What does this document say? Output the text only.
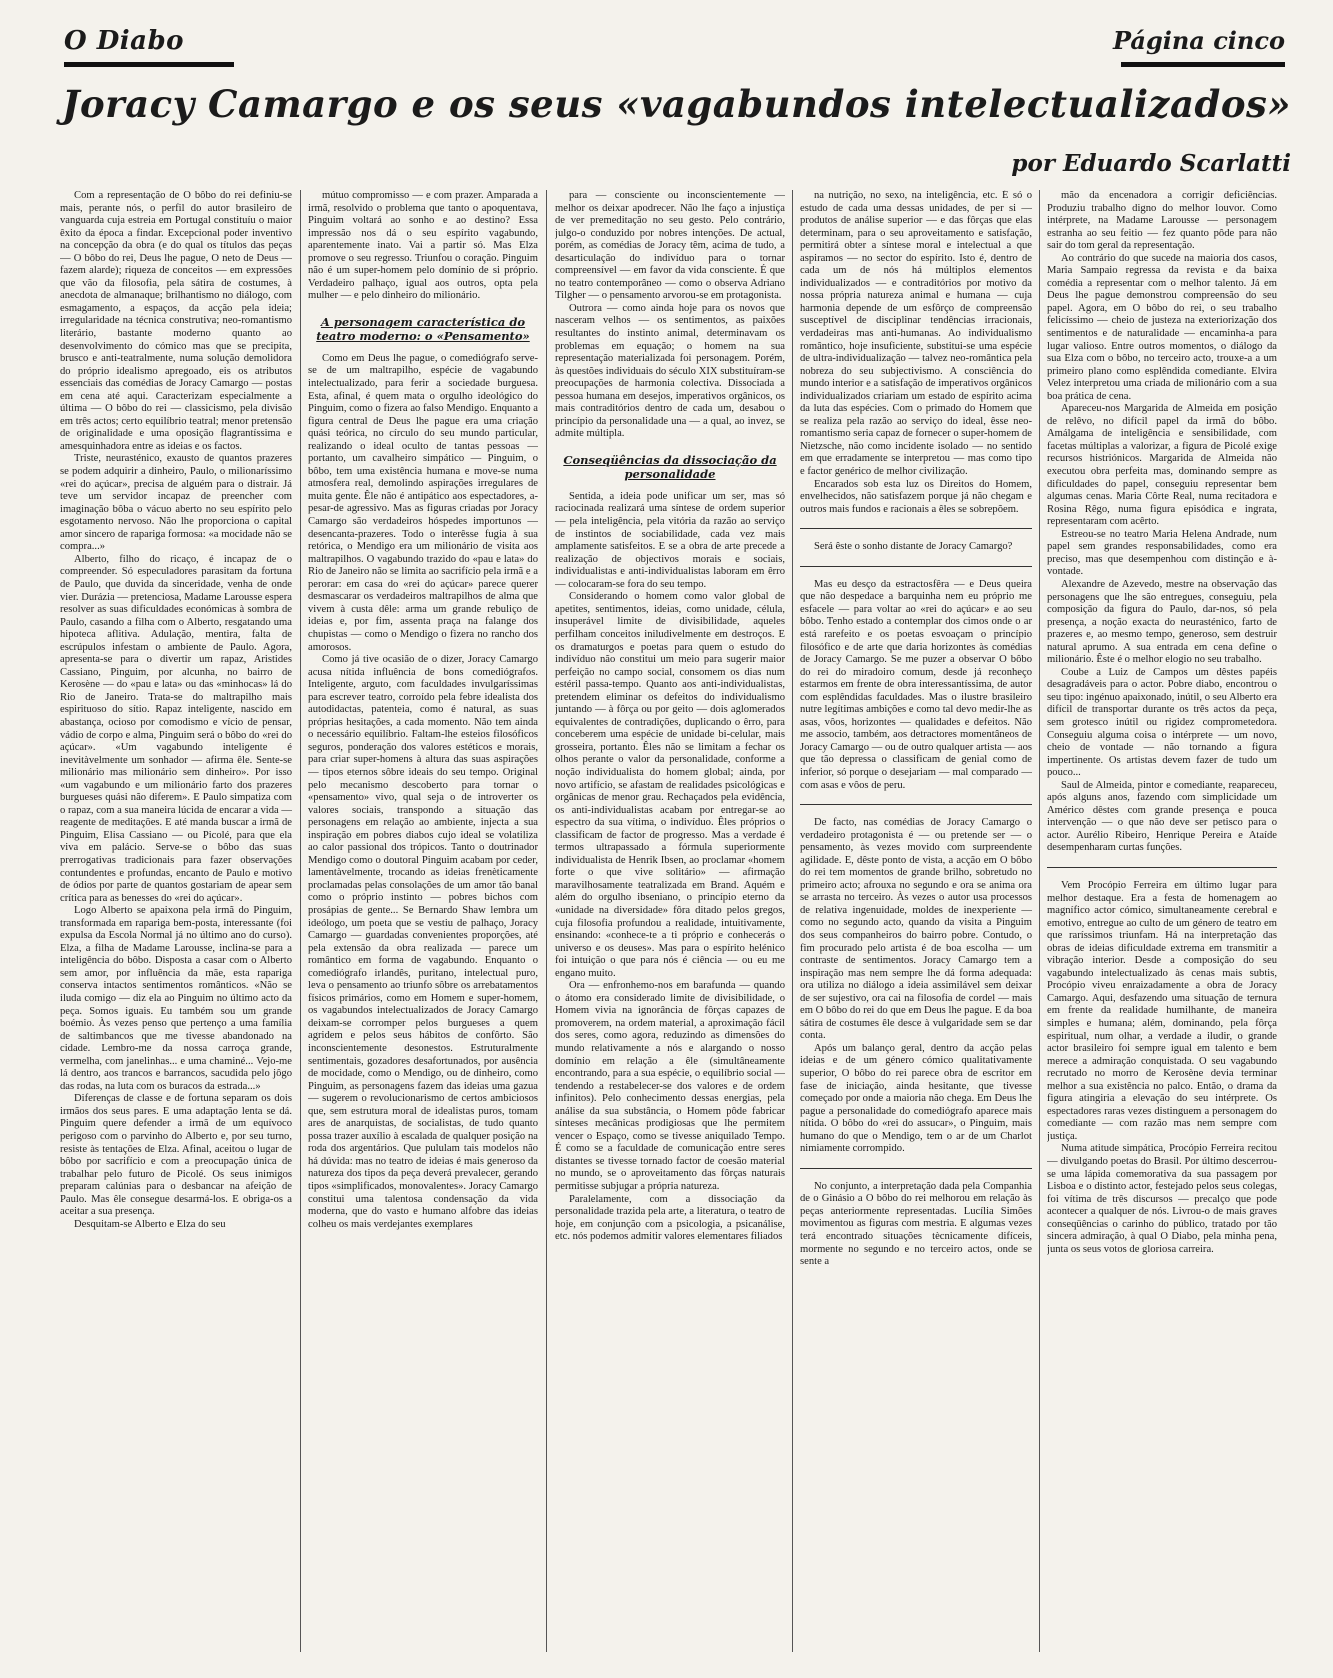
O Diabo	Página cinco
Joracy Camargo e os seus «vagabundos intelectualizados»
por Eduardo Scarlatti

Com a representação de O bôbo do rei definiu-se mais, perante nós, o perfil do autor brasileiro de vanguarda cuja estreia em Portugal constituíu o maior êxito da época a findar. Excepcional poder inventivo na concepção da obra (e do qual os títulos das peças — O bôbo do rei, Deus lhe pague, O neto de Deus — fazem alarde); riqueza de conceitos — em expressões que vão da filosofia, pela sátira de costumes, à anecdota de almanaque; brilhantismo no diálogo, com esmagamento, a espaços, da acção pela ideia; irregularidade na técnica construtiva; neo-romantismo literário, bastante moderno quanto ao desenvolvimento do cómico mas que se precipita, brusco e anti-teatralmente, numa solução demolidora do próprio idealismo apregoado, eis os atributos essenciais das comédias de Joracy Camargo — postas em cena até aqui. Caracterizam especialmente a última — O bôbo do rei — classicismo, pela divisão em três actos; certo equilíbrio teatral; menor pretensão de originalidade e uma oposição flagrantíssima e amesquinhadora entre as ideias e os factos.

Triste, neurasténico, exausto de quantos prazeres se podem adquirir a dinheiro, Paulo, o milionaríssimo «rei do açúcar», precisa de alguém para o distrair. Já teve um servidor incapaz de preencher com imaginação bôba o vácuo aberto no seu espírito pelo esgotamento nervoso. Não lhe proporciona o capital amor sincero de rapariga formosa: «a mocidade não se compra...»

Alberto, filho do ricaço, é incapaz de o compreender. Só especuladores parasitam da fortuna de Paulo, que duvida da sinceridade, venha de onde vier. Durázia — pretenciosa, Madame Larousse espera resolver as suas dificuldades económicas à sombra de Paulo, casando a filha com o Alberto, resgatando uma hipoteca aflitiva. Adulação, mentira, falta de escrúpulos infestam o ambiente de Paulo. Agora, apresenta-se para o divertir um rapaz, Aristides Cassiano, Pinguim, por alcunha, no bairro de Kerosène — do «pau e lata» ou das «minhocas» lá do Rio de Janeiro. Trata-se do maltrapilho mais espirituoso do sítio. Rapaz inteligente, nascido em abastança, ocioso por comodismo e vício de pensar, vádio de corpo e alma, Pinguim será o bôbo do «rei do açúcar». «Um vagabundo inteligente é inevitàvelmente um sonhador — afirma êle. Sente-se milionário mas milionário sem dinheiro». Por isso «um vagabundo e um milionário farto dos prazeres burgueses quási não diferem». E Paulo simpatiza com o rapaz, com a sua maneira lúcida de encarar a vida — reagente de meditações. E até manda buscar a irmã de Pinguim, Elisa Cassiano — ou Picolé, para que ela viva em palácio. Serve-se o bôbo das suas prerrogativas tradicionais para fazer observações contundentes e profundas, encanto de Paulo e motivo de ódios por parte de quantos gostariam de apear sem crítica para as benesses do «rei do açúcar».

Logo Alberto se apaixona pela irmã do Pinguim, transformada em rapariga bem-posta, interessante (foi expulsa da Escola Normal já no último ano do curso). Elza, a filha de Madame Larousse, inclina-se para a inteligência do bôbo. Disposta a casar com o Alberto sem amor, por influência da mãe, esta rapariga conserva intactos sentimentos românticos. «Não se iluda comigo — diz ela ao Pinguim no último acto da peça. Somos iguais. Eu também sou um grande boémio. Às vezes penso que pertenço a uma família de saltimbancos que me tivesse abandonado na cidade. Lembro-me da nossa carroça grande, vermelha, com janelinhas... e uma chaminé... Vejo-me lá dentro, aos trancos e barrancos, sacudida pelo jôgo das rodas, na luta com os buracos da estrada...»

Diferenças de classe e de fortuna separam os dois irmãos dos seus pares. E uma adaptação lenta se dá. Pinguim quere defender a irmã de um equívoco perigoso com o parvinho do Alberto e, por seu turno, resiste às tentações de Elza. Afinal, aceitou o lugar de bôbo por sacrifício e com a preocupação única de trabalhar pelo futuro de Picolé. Os seus inimigos preparam calúnias para o desbancar na afeição de Paulo. Mas êle consegue desarmá-los. E obriga-os a aceitar a sua presença.

Desquitam-se Alberto e Elza do seu

mútuo compromisso — e com prazer. Amparada a irmã, resolvido o problema que tanto o apoquentava, Pinguim voltará ao sonho e ao destino? Essa impressão nos dá o seu espírito vagabundo, aparentemente inato. Vai a partir só. Mas Elza promove o seu regresso. Triunfou o coração. Pinguim não é um super-homem pelo domínio de si próprio. Verdadeiro palhaço, igual aos outros, opta pela mulher — e pelo dinheiro do milionário.

A personagem característica do teatro moderno: o «Pensamento»

Como em Deus lhe pague, o comediógrafo serve-se de um maltrapilho, espécie de vagabundo intelectualizado, para ferir a sociedade burguesa. Esta, afinal, é quem mata o orgulho ideológico do Pinguim, como o fizera ao falso Mendigo. Enquanto a figura central de Deus lhe pague era uma criação quási teórica, no círculo do seu mundo particular, realizando o ideal oculto de tantas pessoas — portanto, um cavalheiro simpático — Pinguim, o bôbo, tem uma existência humana e move-se numa atmosfera real, demolindo aspirações irregulares de muita gente. Êle não é antipático aos espectadores, a-pesar-de agressivo. Mas as figuras criadas por Joracy Camargo são verdadeiros hóspedes importunos — desencanta-prazeres. Todo o interêsse fugia à sua retórica, o Mendigo era um milionário de visita aos maltrapilhos. O vagabundo trazido do «pau e lata» do Rio de Janeiro não se limita ao sacrifício pela irmã e a perorar: em casa do «rei do açúcar» parece querer desmascarar os verdadeiros maltrapilhos de alma que vivem à custa dêle: arma um grande rebuliço de ideias e, por fim, assenta praça na falange dos chupistas — como o Mendigo o fizera no rancho dos amorosos.

Como já tive ocasião de o dizer, Joracy Camargo acusa nítida influência de bons comediógrafos. Inteligente, arguto, com faculdades invulgaríssimas para escrever teatro, corroído pela febre idealista dos autodidactas, patenteia, como é natural, as suas próprias hesitações, a cada momento. Não tem ainda o necessário equilíbrio. Faltam-lhe esteios filosóficos seguros, ponderação dos valores estéticos e morais, para criar super-homens à altura das suas aspirações — tipos eternos sôbre ideais do seu tempo. Original pelo mecanismo descoberto para tornar o «pensamento» vivo, qual seja o de introverter os valores sociais, transpondo a situação das personagens em relação ao ambiente, injecta a sua inspiração em pobres diabos cujo ideal se volatiliza ao calor passional dos trópicos. Tanto o doutrinador Mendigo como o doutoral Pinguim acabam por ceder, lamentàvelmente, trocando as ideias frenèticamente proclamadas pelas consolações de um amor tão banal como o próprio instinto — pobres bichos com prosápias de gente... Se Bernardo Shaw lembra um ideólogo, um poeta que se vestiu de palhaço, Joracy Camargo — guardadas convenientes proporções, até pela extensão da obra realizada — parece um romântico em forma de vagabundo. Enquanto o comediógrafo irlandês, puritano, intelectual puro, leva o pensamento ao triunfo sôbre os arrebatamentos físicos primários, como em Homem e super-homem, os vagabundos intelectualizados de Joracy Camargo deixam-se corromper pelos burgueses a quem agridem e pelos seus hábitos de confôrto. São inconscientemente desonestos. Estruturalmente sentimentais, gozadores desafortunados, por ausência de mocidade, como o Mendigo, ou de dinheiro, como Pinguim, as personagens fazem das ideias uma gazua — sugerem o revolucionarismo de certos ambiciosos que, sem estrutura moral de idealistas puros, tomam ares de anarquistas, de socialistas, de tudo quanto possa trazer auxílio à escalada de qualquer posição na roda dos argentários. Que pululam tais modelos não há dúvida: mas no teatro de ideias é mais generoso da natureza dos tipos da peça deverá prevalecer, gerando tipos «simplificados, monovalentes». Joracy Camargo constitui uma talentosa condensação da vida moderna, que do vasto e humano alfobre das ideias colheu os mais verdejantes exemplares

para — consciente ou inconscientemente — melhor os deixar apodrecer. Não lhe faço a injustiça de ver premeditação no seu gesto. Pelo contrário, julgo-o conduzido por nobres intenções. De actual, porém, as comédias de Joracy têm, acima de tudo, a desarticulação do indivíduo para o tornar compreensível — em favor da vida consciente. É que no teatro contemporâneo — como o observa Adriano Tilgher — o pensamento arvorou-se em protagonista.

Outrora — como ainda hoje para os novos que nasceram velhos — os sentimentos, as paixões resultantes do instinto animal, determinavam os problemas em equação; o homem na sua representação materializada foi personagem. Porém, às questões individuais do século XIX substituíram-se preocupações de harmonia colectiva. Dissociada a pessoa humana em desejos, imperativos orgânicos, os mais contraditórios dentro de cada um, desabou o princípio da personalidade una — a qual, ao invez, se admite múltipla.

Conseqüências da dissociação da personalidade

Sentida, a ideia pode unificar um ser, mas só raciocinada realizará uma síntese de ordem superior — pela inteligência, pela vitória da razão ao serviço de instintos de sociabilidade, cada vez mais amplamente satisfeitos. E se a obra de arte precede a realização de objectivos morais e sociais, individualistas e anti-individualistas laboram em êrro — colocaram-se fora do seu tempo.

Considerando o homem como valor global de apetites, sentimentos, ideias, como unidade, célula, insuperável limite de divisibilidade, aqueles perfilham conceitos iniludivelmente em destroços. E os dramaturgos e poetas para quem o estudo do indivíduo não constitui um meio para sugerir maior perfeição no campo social, consomem os dias num estéril passa-tempo. Quanto aos anti-individualistas, pretendem eliminar os defeitos do individualismo juntando — à fôrça ou por geito — dois aglomerados equivalentes de contradições, duplicando o êrro, para conceberem uma espécie de unidade bi-celular, mais grosseira, portanto. Êles não se limitam a fechar os olhos perante o valor da personalidade, conforme a noção individualista do homem global; ainda, por novo artifício, se afastam de realidades psicológicas e orgânicas de menor grau. Rechaçados pela evidência, os anti-individualistas acabam por entregar-se ao espectro da sua vítima, o indivíduo. Êles próprios o classificam de factor de progresso. Mas a verdade é termos ultrapassado a fórmula superiormente individualista de Henrik Ibsen, ao proclamar «homem forte o que vive solitário» — afirmação maravilhosamente teatralizada em Brand. Aquém e além do orgulho ibseniano, o princípio eterno da «unidade na diversidade» fôra ditado pelos gregos, cuja filosofia profundou a realidade, intuitivamente, ensinando: «conhece-te a ti próprio e conhecerás o universo e os deuses». Mas para o espírito helénico foi intuição o que para nós é ciência — ou eu me engano muito.

Ora — enfronhemo-nos em barafunda — quando o átomo era considerado limite de divisibilidade, o Homem vivia na ignorância de fôrças capazes de promoverem, na ordem material, a aproximação fácil dos seres, como agora, reduzindo as dimensões do mundo relativamente a nós e alargando o nosso domínio em relação a êle (simultâneamente encontrando, para a sua espécie, o equilíbrio social — tendendo a restabelecer-se dos valores e de ordem infinitos). Pelo conhecimento dessas energias, pela análise da sua substância, o Homem pôde fabricar sínteses mecânicas prodigiosas que lhe permitem vencer o Espaço, como se tivesse aniquilado Tempo. É como se a faculdade de comunicação entre seres distantes se tivesse tornado factor de coesão material no mundo, se o aproveitamento das fôrças naturais permitisse subjugar a própria natureza.

Paralelamente, com a dissociação da personalidade trazida pela arte, a literatura, o teatro de hoje, em conjunção com a psicologia, a psicanálise, etc. nós podemos admitir valores elementares filiados

na nutrição, no sexo, na inteligência, etc. É só o estudo de cada uma dessas unidades, de per si — produtos de análise superior — e das fôrças que elas determinam, para o seu aproveitamento e satisfação, permitirá obter a síntese moral e intelectual a que aspiramos — no sector do espírito. Isto é, dentro de cada um de nós há múltiplos elementos individualizados — e contraditórios por motivo da nossa própria natureza animal e humana — cuja harmonia depende de um esfôrço de compreensão susceptível de disciplinar tendências irracionais, verdadeiras mas anti-humanas. Ao individualismo romântico, hoje insuficiente, substitui-se uma espécie de ultra-individualização — talvez neo-romântica pela nobreza do seu subjectivismo. A consciência do mundo interior e a satisfação de imperativos orgânicos individualizados criariam um estado de espírito acima da luta das espécies. Com o primado do Homem que se realiza pela razão ao serviço do ideal, êsse neo-romantismo seria capaz de fornecer o super-homem de Nietzsche, não como incidente isolado — no sentido em que erradamente se interpretou — mas como tipo e factor genérico de melhor civilização.

Encarados sob esta luz os Direitos do Homem, envelhecidos, não satisfazem porque já não chegam e outros mais fundos e racionais a êles se sobrepõem.

Será êste o sonho distante de Joracy Camargo?

Mas eu desço da estractosfêra — e Deus queira que não despedace a barquinha nem eu próprio me esfacele — para voltar ao «rei do açúcar» e ao seu bôbo. Tenho estado a contemplar dos cimos onde o ar está rarefeito e os poetas esvoaçam o princípio filosófico e de arte que daria horizontes às comédias de Joracy Camargo. Se me puzer a observar O bôbo do rei do miradoiro comum, desde já reconheço estarmos em frente de obra interessantíssima, de autor com esplêndidas faculdades. Mas o ilustre brasileiro nutre legítimas ambições e como tal devo medir-lhe as asas, vôos, horizontes — qualidades e defeitos. Não me associo, também, aos detractores momentâneos de Joracy Camargo — ou de outro qualquer artista — aos que tão depressa o classificam de genial como de inferior, só porque o desejariam — mal comparado — com asas e vôos de peru.

De facto, nas comédias de Joracy Camargo o verdadeiro protagonista é — ou pretende ser — o pensamento, às vezes movido com surpreendente agilidade. E, dêste ponto de vista, a acção em O bôbo do rei tem momentos de grande brilho, sobretudo no primeiro acto; afrouxa no segundo e ora se anima ora se arrasta no terceiro. Às vezes o autor usa processos de relativa ingenuidade, moldes de inexperiente — como no segundo acto, quando da visita a Pinguim dos seus companheiros do bairro pobre. Contudo, o fim procurado pelo artista é de boa escolha — um contraste de sentimentos. Joracy Camargo tem a inspiração mas nem sempre lhe dá forma adequada: ora utiliza no diálogo a ideia assimilável sem deixar de ser sujestivo, ora cai na filosofia de cordel — mais em O bôbo do rei do que em Deus lhe pague. E da boa sátira de costumes êle desce à vulgaridade sem se dar conta.

Após um balanço geral, dentro da acção pelas ideias e de um género cómico qualitativamente superior, O bôbo do rei parece obra de escritor em fase de iniciação, ainda hesitante, que tivesse começado por onde a maioria não chega. Em Deus lhe pague a personalidade do comediógrafo aparece mais nítida. O bôbo do «rei do assucar», o Pinguim, mais humano do que o Mendigo, tem o ar de um Charlot nimiamente corrompido.

No conjunto, a interpretação dada pela Companhia de o Ginásio a O bôbo do rei melhorou em relação às peças anteriormente representadas. Lucília Simões movimentou as figuras com mestria. E algumas vezes terá encontrado situações tècnicamente difíceis, mormente no segundo e no terceiro actos, onde se sente a

mão da encenadora a corrigir deficiências. Produziu trabalho digno do melhor louvor. Como intérprete, na Madame Larousse — personagem estranha ao seu feitio — fez quanto pôde para não sair do tom geral da representação.

Ao contrário do que sucede na maioria dos casos, Maria Sampaio regressa da revista e da baixa comédia a representar com o melhor talento. Já em Deus lhe pague demonstrou compreensão do seu papel. Agora, em O bôbo do rei, o seu trabalho felicíssimo — cheio de justeza na exteriorização dos sentimentos e de naturalidade — encaminha-a para lugar valioso. Entre outros momentos, o diálogo da sua Elza com o bôbo, no terceiro acto, trouxe-a a um primeiro plano como esplêndida comediante. Elvira Velez interpretou uma criada de milionário com a sua boa prática de cena.

Apareceu-nos Margarida de Almeida em posição de relêvo, no difícil papel da irmã do bôbo. Amálgama de inteligência e sensibilidade, com facetas múltiplas a valorizar, a figura de Picolé exige recursos histriónicos. Margarida de Almeida não executou obra perfeita mas, dominando sempre as dificuldades do papel, conseguiu representar bem algumas cenas. Maria Côrte Real, numa recitadora e Rosina Rêgo, numa figura episódica e ingrata, representaram com acêrto.

Estreou-se no teatro Maria Helena Andrade, num papel sem grandes responsabilidades, como era preciso, mas que desempenhou com distinção e à-vontade.

Alexandre de Azevedo, mestre na observação das personagens que lhe são entregues, conseguiu, pela composição da figura do Paulo, dar-nos, só pela presença, a noção exacta do neurasténico, farto de prazeres e, ao mesmo tempo, generoso, sem destruir natural aprumo. A sua entrada em cena define o milionário. Êste é o melhor elogio no seu trabalho.

Coube a Luiz de Campos um dêstes papéis desagradáveis para o actor. Pobre diabo, encontrou o seu tipo: ingénuo apaixonado, inútil, o seu Alberto era difícil de transportar durante os três actos da peça, sem grotesco inútil ou rigidez comprometedora. Conseguiu alguma coisa o intérprete — um novo, cheio de vontade — não tornando a figura impertinente. Os artistas devem fazer de tudo um pouco...

Saul de Almeida, pintor e comediante, reapareceu, após alguns anos, fazendo com simplicidade um Américo dêstes com grande presença e pouca intervenção — o que não deve ser petisco para o actor. Aurélio Ribeiro, Henrique Pereira e Ataíde desempenharam curtas funções.

Vem Procópio Ferreira em último lugar para melhor destaque. Era a festa de homenagem ao magnífico actor cómico, simultaneamente cerebral e emotivo, entregue ao culto de um género de teatro em que raríssimos triunfam. Há na interpretação das obras de ideias dificuldade extrema em transmitir a vibração interior. Desde a composição do seu vagabundo intelectualizado às cenas mais subtis, Procópio viveu enraizadamente a obra de Joracy Camargo. Aqui, desfazendo uma situação de ternura em frente da realidade humilhante, de maneira simples e humana; além, dominando, pela fôrça espiritual, num olhar, a verdade a iludir, o grande actor brasileiro foi sempre igual em talento e bem merece a admiração conquistada. O seu vagabundo recrutado no morro de Kerosène devia terminar melhor a sua existência no palco. Então, o drama da figura atingiria a elevação do seu intérprete. Os espectadores raras vezes distinguem a personagem do comediante — com razão mas nem sempre com justiça.

Numa atitude simpática, Procópio Ferreira recitou — divulgando poetas do Brasil. Por último descerrou-se uma lápida comemorativa da sua passagem por Lisboa e o distinto actor, festejado pelos seus colegas, foi vítima de três discursos — precalço que pode acontecer a qualquer de nós. Livrou-o de mais graves conseqüências o carinho do público, tratado por tão sincera admiração, à qual O Diabo, pela minha pena, junta os seus votos de gloriosa carreira.
